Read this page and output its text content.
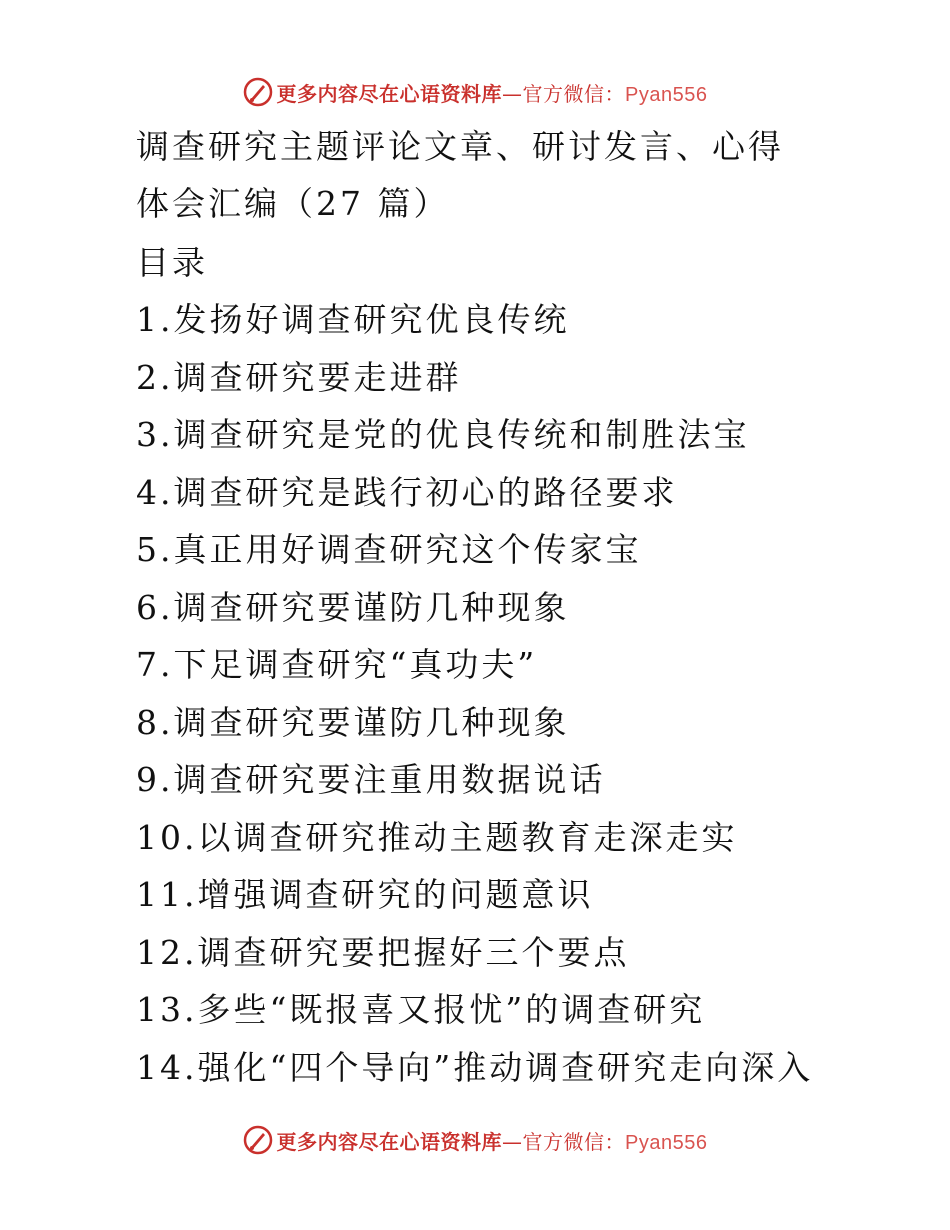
更多内容尽在心语资料库—官方微信：Pyan556
调查研究主题评论文章、研讨发言、心得
体会汇编（27 篇）
目录
1.发扬好调查研究优良传统
2.调查研究要走进群
3.调查研究是党的优良传统和制胜法宝
4.调查研究是践行初心的路径要求
5.真正用好调查研究这个传家宝
6.调查研究要谨防几种现象
7.下足调查研究“真功夫”
8.调查研究要谨防几种现象
9.调查研究要注重用数据说话
10.以调查研究推动主题教育走深走实
11.增强调查研究的问题意识
12.调查研究要把握好三个要点
13.多些“既报喜又报忧”的调查研究
14.强化“四个导向”推动调查研究走向深入
更多内容尽在心语资料库—官方微信：Pyan556
